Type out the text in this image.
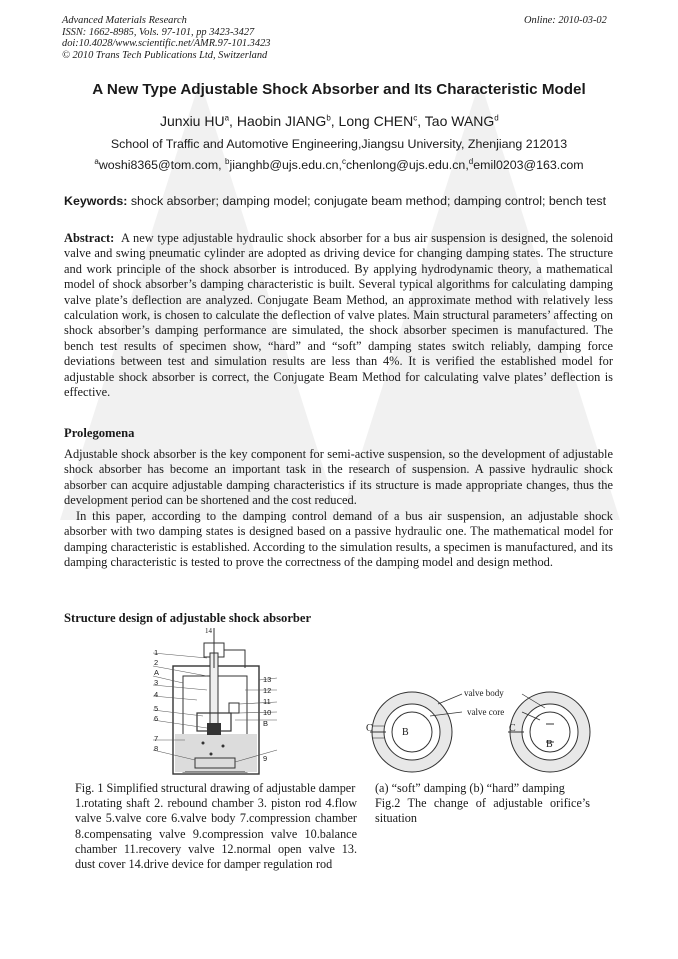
Advanced Materials Research
ISSN: 1662-8985, Vols. 97-101, pp 3423-3427
doi:10.4028/www.scientific.net/AMR.97-101.3423
© 2010 Trans Tech Publications Ltd, Switzerland
Online: 2010-03-02
A New Type Adjustable Shock Absorber and Its Characteristic Model
Junxiu $HU^a$, Haobin JIANG$^b$, Long CHEN$^c$, Tao WANG$^d$
School of Traffic and Automotive Engineering,Jiangsu University, Zhenjiang 212013
$^a$woshi8365@tom.com, $^b$jianghb@ujs.edu.cn,$^c$chenlong@ujs.edu.cn,$^d$emil0203@163.com
Keywords: shock absorber; damping model; conjugate beam method; damping control; bench test
Abstract: A new type adjustable hydraulic shock absorber for a bus air suspension is designed, the solenoid valve and swing pneumatic cylinder are adopted as driving device for changing damping states. The structure and work principle of the shock absorber is introduced. By applying hydrodynamic theory, a mathematical model of shock absorber’s damping characteristic is built. Several typical algorithms for calculating damping valve plate’s deflection are analyzed. Conjugate Beam Method, an approximate method with relatively less calculation work, is chosen to calculate the deflection of valve plates. Main structural parameters’ affecting on shock absorber’s damping performance are simulated, the shock absorber specimen is manufactured. The bench test results of specimen show, “hard” and “soft” damping states switch reliably, damping force deviations between test and simulation results are less than 4%. It is verified the established model for adjustable shock absorber is correct, the Conjugate Beam Method for calculating valve plates’ deflection is effective.
Prolegomena
Adjustable shock absorber is the key component for semi-active suspension, so the development of adjustable shock absorber has become an important task in the research of suspension. A passive hydraulic shock absorber can acquire adjustable damping characteristics if its structure is made appropriate changes, thus the development period can be shortened and the cost reduced.
In this paper, according to the damping control demand of a bus air suspension, an adjustable shock absorber with two damping states is designed based on a passive hydraulic one. The mathematical model for damping characteristic is established. According to the simulation results, a specimen is manufactured, and its damping characteristic is tested to prove the correctness of the damping model and design method.
Structure design of adjustable shock absorber
14
1
2
A
3
4
5
6
7
8
13
12
11
10
B
9
valve body
valve core
C	B	C
B
Fig. 1 Simplified structural drawing of adjustable damper
1.rotating shaft 2. rebound chamber 3. piston rod 4.flow valve 5.valve core 6.valve body 7.compression chamber 8.compensating valve 9.compression valve 10.balance chamber 11.recovery valve 12.normal open valve 13. dust cover 14.drive device for damper regulation rod
(a) “soft” damping (b) “hard” damping
Fig.2 The change of adjustable orifice’s situation
